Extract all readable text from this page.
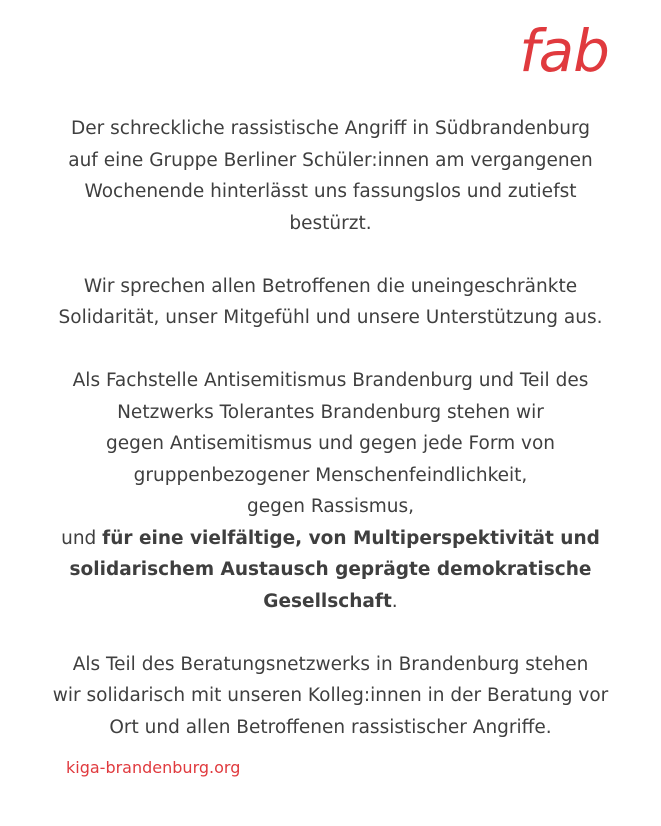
fab

Der schreckliche rassistische Angriff in Südbrandenburg
auf eine Gruppe Berliner Schüler:innen am vergangenen
Wochenende hinterlässt uns fassungslos und zutiefst
bestürzt.

Wir sprechen allen Betroffenen die uneingeschränkte
Solidarität, unser Mitgefühl und unsere Unterstützung aus.

Als Fachstelle Antisemitismus Brandenburg und Teil des
Netzwerks Tolerantes Brandenburg stehen wir
gegen Antisemitismus und gegen jede Form von
gruppenbezogener Menschenfeindlichkeit,
gegen Rassismus,
und für eine vielfältige, von Multiperspektivität und
solidarischem Austausch geprägte demokratische
Gesellschaft.

Als Teil des Beratungsnetzwerks in Brandenburg stehen
wir solidarisch mit unseren Kolleg:innen in der Beratung vor
Ort und allen Betroffenen rassistischer Angriffe.

kiga-brandenburg.org
